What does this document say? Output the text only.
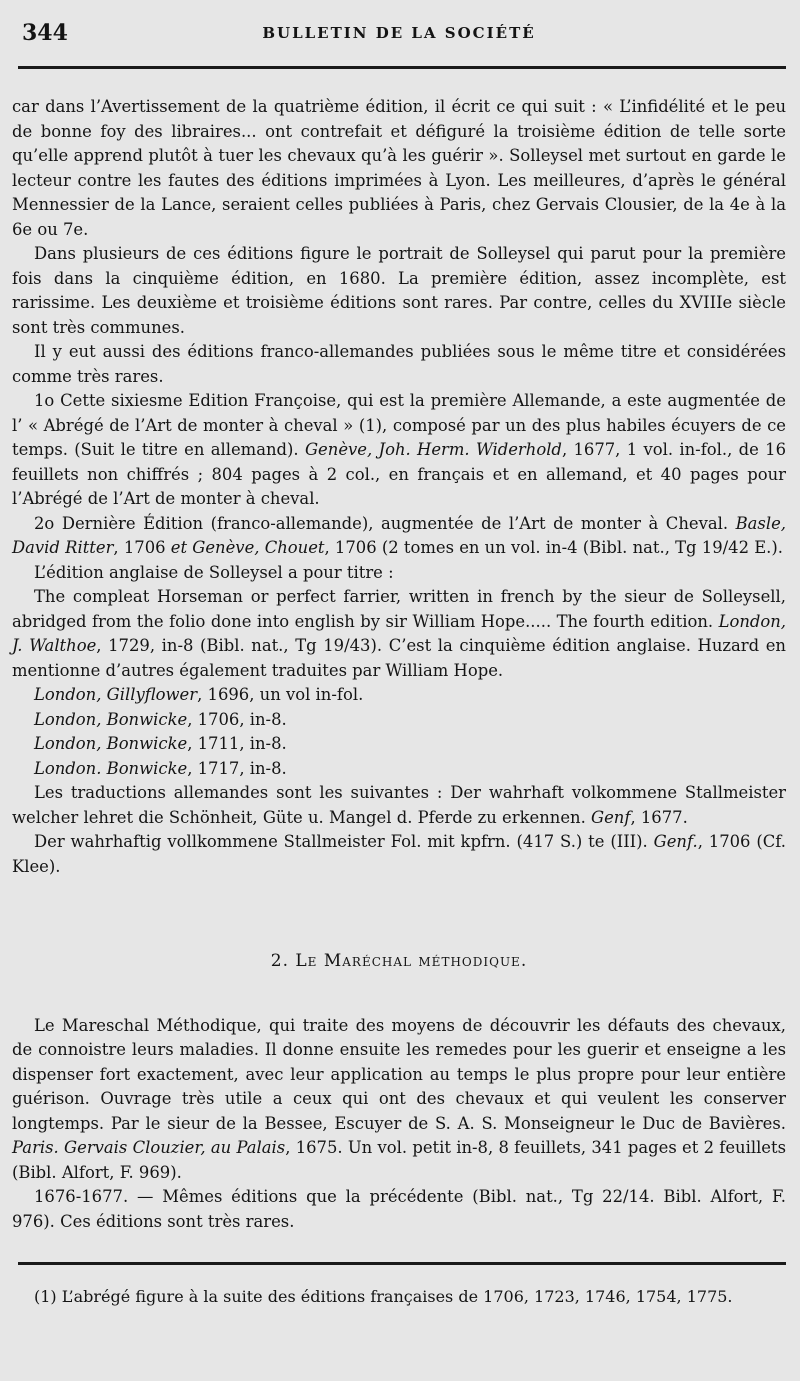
344	BULLETIN DE LA SOCIÉTÉ

car dans l’Avertissement de la quatrième édition, il écrit ce qui suit : « L’infidélité et le peu de bonne foy des libraires... ont contrefait et défiguré la troisième édition de telle sorte qu’elle apprend plutôt à tuer les chevaux qu’à les guérir ». Solleysel met surtout en garde le lecteur contre les fautes des éditions imprimées à Lyon. Les meilleures, d’après le général Mennessier de la Lance, seraient celles publiées à Paris, chez Gervais Clousier, de la 4e à la 6e ou 7e.

Dans plusieurs de ces éditions figure le portrait de Solleysel qui parut pour la première fois dans la cinquième édition, en 1680. La première édition, assez incomplète, est rarissime. Les deuxième et troisième éditions sont rares. Par contre, celles du XVIIIe siècle sont très communes.

Il y eut aussi des éditions franco-allemandes publiées sous le même titre et considérées comme très rares.

1o Cette sixiesme Edition Françoise, qui est la première Allemande, a este augmentée de l’ « Abrégé de l’Art de monter à cheval » (1), composé par un des plus habiles écuyers de ce temps. (Suit le titre en allemand). Genève, Joh. Herm. Widerhold, 1677, 1 vol. in-fol., de 16 feuillets non chiffrés ; 804 pages à 2 col., en français et en allemand, et 40 pages pour l’Abrégé de l’Art de monter à cheval.

2o Dernière Édition (franco-allemande), augmentée de l’Art de monter à Cheval. Basle, David Ritter, 1706 et Genève, Chouet, 1706 (2 tomes en un vol. in-4 (Bibl. nat., Tg 19/42 E.).

L’édition anglaise de Solleysel a pour titre :

The compleat Horseman or perfect farrier, written in french by the sieur de Solleysell, abridged from the folio done into english by sir William Hope..... The fourth edition. London, J. Walthoe, 1729, in-8 (Bibl. nat., Tg 19/43). C’est la cinquième édition anglaise. Huzard en mentionne d’autres également traduites par William Hope.

London, Gillyflower, 1696, un vol in-fol.
London, Bonwicke, 1706, in-8.
London, Bonwicke, 1711, in-8.
London. Bonwicke, 1717, in-8.

Les traductions allemandes sont les suivantes : Der wahrhaft volkommene Stallmeister welcher lehret die Schönheit, Güte u. Mangel d. Pferde zu erkennen. Genf, 1677.

Der wahrhaftig vollkommene Stallmeister Fol. mit kpfrn. (417 S.) te (III). Genf., 1706 (Cf. Klee).

2. Le Maréchal méthodique.

Le Mareschal Méthodique, qui traite des moyens de découvrir les défauts des chevaux, de connoistre leurs maladies. Il donne ensuite les remedes pour les guerir et enseigne a les dispenser fort exactement, avec leur application au temps le plus propre pour leur entière guérison. Ouvrage très utile a ceux qui ont des chevaux et qui veulent les conserver longtemps. Par le sieur de la Bessee, Escuyer de S. A. S. Monseigneur le Duc de Bavières. Paris. Gervais Clouzier, au Palais, 1675. Un vol. petit in-8, 8 feuillets, 341 pages et 2 feuillets (Bibl. Alfort, F. 969).

1676-1677. — Mêmes éditions que la précédente (Bibl. nat., Tg 22/14. Bibl. Alfort, F. 976). Ces éditions sont très rares.

(1) L’abrégé figure à la suite des éditions françaises de 1706, 1723, 1746, 1754, 1775.
